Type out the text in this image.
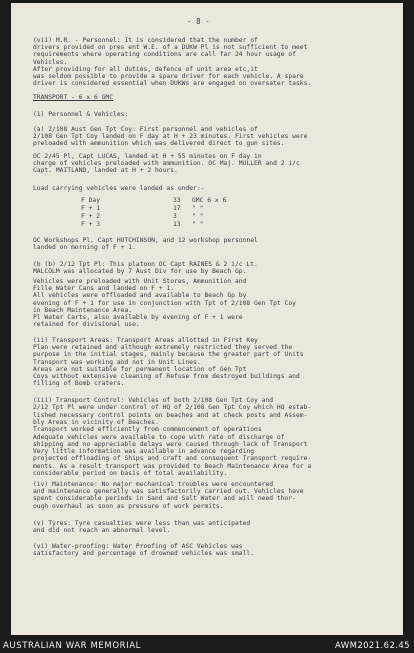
- 8 -
(vii) M.R. - Personnel: It is considered that the number of
drivers provided on pres ent W.E. of a DUKW Pl is not sufficient to meet
requirements where operating conditions are call far 24 hour usage of
Vehicles.
After providing for all duties, defence of unit area etc,it
was seldom possible to provide a spare driver for each vehicle. A spare
driver is considered essential when DUKWs are engaged on oversater tasks.
TRANSPORT - 6 x 6 GMC
(1) Personnel & Vehicles:
(a) 2/108 Aust Gen Tpt Coy: First personnel and vehicles of
2/108 Gen Tpt Coy landed on F day at H + 23 minutes. First vehicles were
preloaded with ammunition which was delivered direct to gun sites.
OC 2/45 Pl, Capt LUCAS, landed at H + 55 minutes on F day in
charge of vehicles preloaded with ammunition. OC Maj. MULLER and 2 i/c
Capt. MAITLAND, landed at H + 2 hours.
Load carrying vehicles were landed as under:-
OC Workshops Pl, Capt HUTCHINSON, and 12 workshop personnel
landed on morning of F + 1.
(b (b) 2/12 Tpt Pl: This platoon OC Capt RAINES & 2 i/c Lt.
MALCOLM was allocated by 7 Aust Div for use by Beach Gp.
Vehicles were preloaded with Unit Stores, Ammunition and
Fille Water Cans and landed on F + 1.
All vehicles were offloaded and available to Beach Gp by
evening of F + 1 for use in conjunction with Tpt of 2/108 Gen Tpt Coy
in Beach Maintenance Area.
Pl Water Carts, also available by evening of F + 1 were
retained for divisional use.
(ii) Transport Areas: Transport Areas allotted in First Key
Plan were retained and although extremely restricted they served the
purpose in the initial stages, mainly because the greater part of Units
Transport was working and not in Unit Lines.
Areas are not suitable for permanent location of Gen Tpt
Coys without extensive cleaning of Refuse from destroyed buildings and
filling of Bomb craters.
(iii) Transport Control: Vehicles of both 2/108 Gen Tpt Coy and
2/12 Tpt Pl were under control of HQ of 2/108 Gen Tpt Coy which HQ estab-
lished necessary control points on beaches and at check posts and Assem-
bly Areas in vicinity of Beaches.
Transport worked efficiently from commencement of operations
Adequate vehicles were available to cope with rate of discharge of
shipping and no appreciable delays were caused through lack of Transport
Very little information was available in advance regarding
projected offloading of Ships and craft and consequent Transport require-
ments. As a result transport was provided to Beach Maintenance Area for a
considerable period on basis of total availability.
(iv) Maintenance: No major mechanical troubles were encountered
and maintenance generally was satisfactorily carried out. Vehicles have
spent considerable periods in Sand and Salt Water and will need thor-
ough overhaul as soon as pressure of work permits.
(v) Tyres: Tyre casualties were less than was anticipated
and did not reach an abnormal level.
(vi) Water-proofing: Water Proofing of ASC Vehicles was
satisfactory and percentage of drowned vehicles was small.
F Day	33 GMC 6 x 6
F + 1	17 " "
F + 2	3 " "
F + 3	13 " "
AUSTRALIAN WAR MEMORIAL	AWM2021.62.45
